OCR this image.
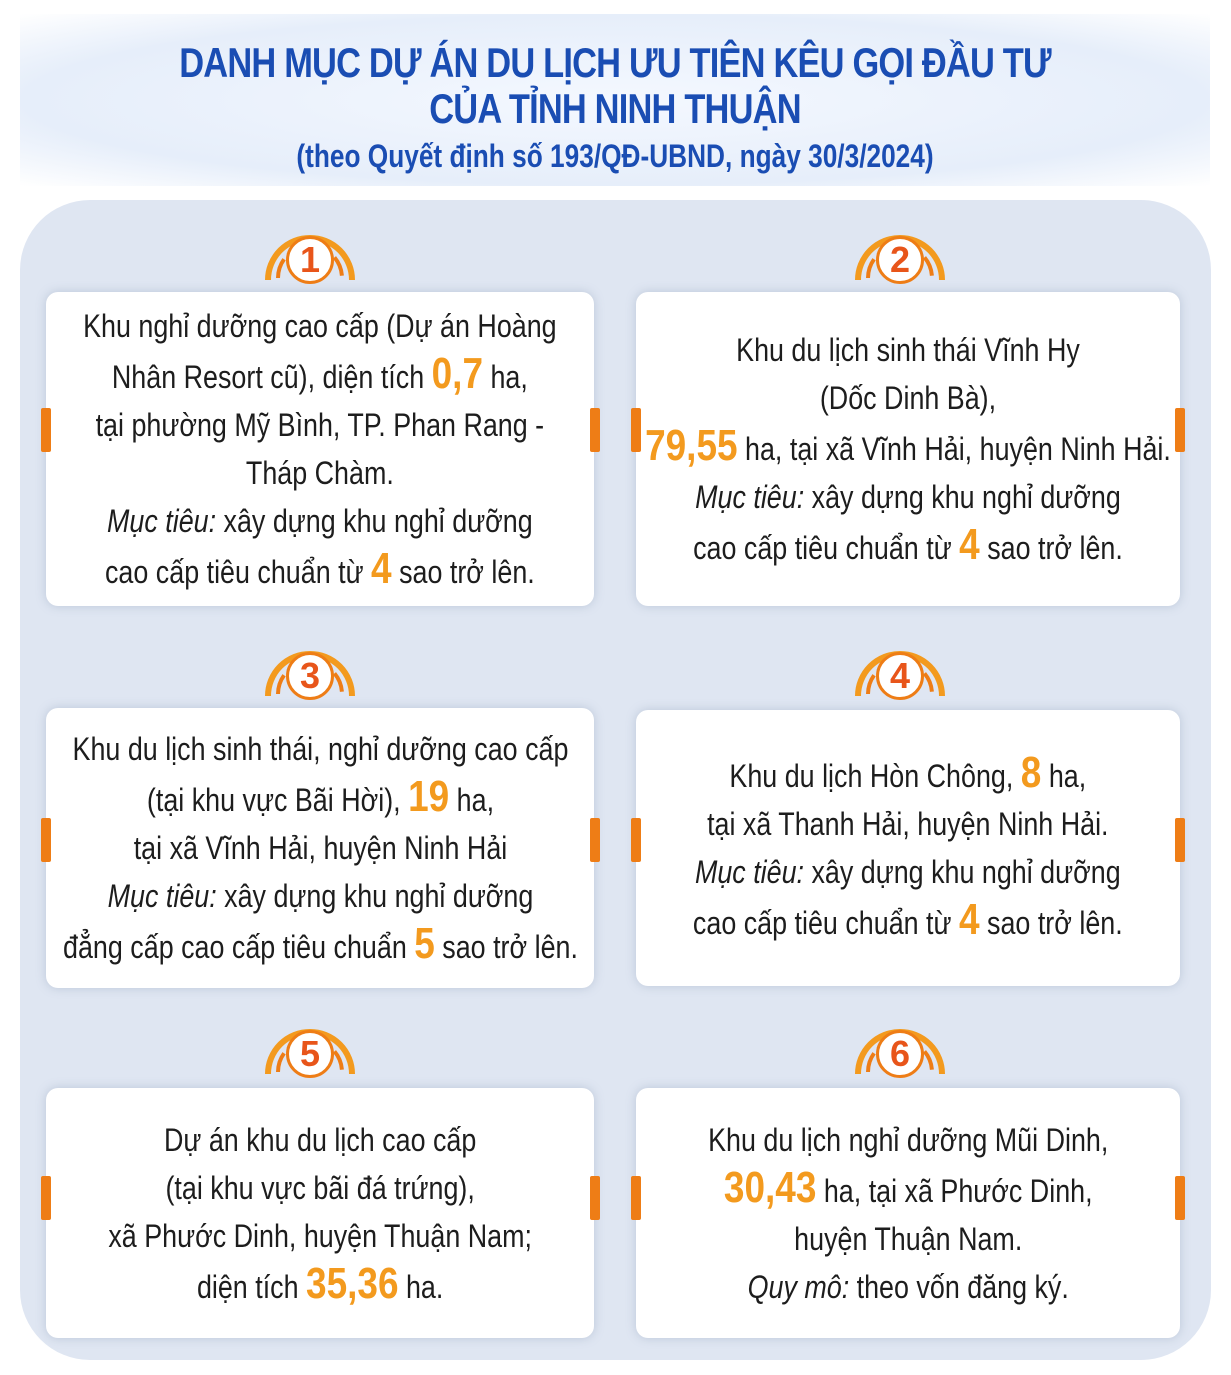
DANH MỤC DỰ ÁN DU LỊCH ƯU TIÊN KÊU GỌI ĐẦU TƯ
CỦA TỈNH NINH THUẬN
(theo Quyết định số 193/QĐ-UBND, ngày 30/3/2024)
Khu nghỉ dưỡng cao cấp (Dự án Hoàng
Nhân Resort cũ), diện tích 0,7 ha,
tại phường Mỹ Bình, TP. Phan Rang -
Tháp Chàm.
Mục tiêu: xây dựng khu nghỉ dưỡng
cao cấp tiêu chuẩn từ 4 sao trở lên.
1
Khu du lịch sinh thái Vĩnh Hy
(Dốc Dinh Bà),
79,55 ha, tại xã Vĩnh Hải, huyện Ninh Hải.
Mục tiêu: xây dựng khu nghỉ dưỡng
cao cấp tiêu chuẩn từ 4 sao trở lên.
2
Khu du lịch sinh thái, nghỉ dưỡng cao cấp
(tại khu vực Bãi Hời), 19 ha,
tại xã Vĩnh Hải, huyện Ninh Hải
Mục tiêu: xây dựng khu nghỉ dưỡng
đẳng cấp cao cấp tiêu chuẩn 5 sao trở lên.
3
Khu du lịch Hòn Chông, 8 ha,
tại xã Thanh Hải, huyện Ninh Hải.
Mục tiêu: xây dựng khu nghỉ dưỡng
cao cấp tiêu chuẩn từ 4 sao trở lên.
4
Dự án khu du lịch cao cấp
(tại khu vực bãi đá trứng),
xã Phước Dinh, huyện Thuận Nam;
diện tích 35,36 ha.
5
Khu du lịch nghỉ dưỡng Mũi Dinh,
30,43 ha, tại xã Phước Dinh,
huyện Thuận Nam.
Quy mô: theo vốn đăng ký.
6
